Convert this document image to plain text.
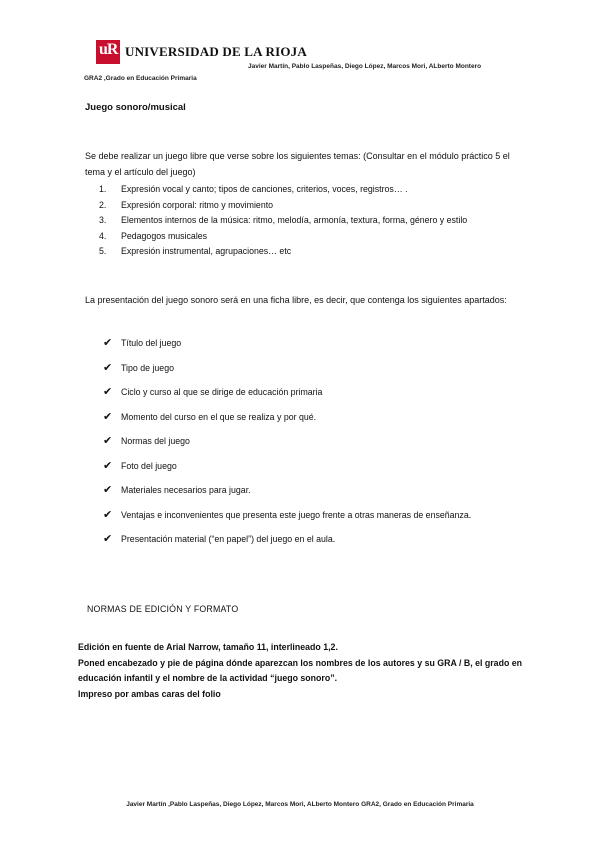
uR UNIVERSIDAD DE LA RIOJA
Javier Martín, Pablo Laspeñas, Diego López, Marcos Mori, ALberto Montero
GRA2 ,Grado en Educación Primaria
Juego sonoro/musical
Se debe realizar un juego libre que verse sobre los siguientes temas: (Consultar en el módulo práctico 5 el tema y el artículo del juego)
1.	Expresión vocal y canto; tipos de canciones, criterios, voces, registros… .
2.	Expresión corporal: ritmo y movimiento
3.	Elementos internos de la música: ritmo, melodía, armonía, textura, forma, género y estilo
4.	Pedagogos musicales
5.	Expresión instrumental, agrupaciones… etc
La presentación del juego sonoro será en una ficha libre, es decir, que contenga los siguientes apartados:
✔ Título del juego
✔ Tipo de juego
✔ Ciclo y curso al que se dirige de educación primaria
✔ Momento del curso en el que se realiza y por qué.
✔ Normas del juego
✔ Foto del juego
✔ Materiales necesarios para jugar.
✔ Ventajas e inconvenientes que presenta este juego frente a otras maneras de enseñanza.
✔ Presentación material (“en papel”) del juego en el aula.
NORMAS DE EDICIÓN Y FORMATO
Edición en fuente de Arial Narrow, tamaño 11, interlineado 1,2.
Poned encabezado y pie de página dónde aparezcan los nombres de los autores y su GRA / B, el grado en educación infantil y el nombre de la actividad “juego sonoro”.
Impreso por ambas caras del folio
Javier Martín ,Pablo Laspeñas, Diego López, Marcos Mori, ALberto Montero GRA2, Grado en Educación Primaria
